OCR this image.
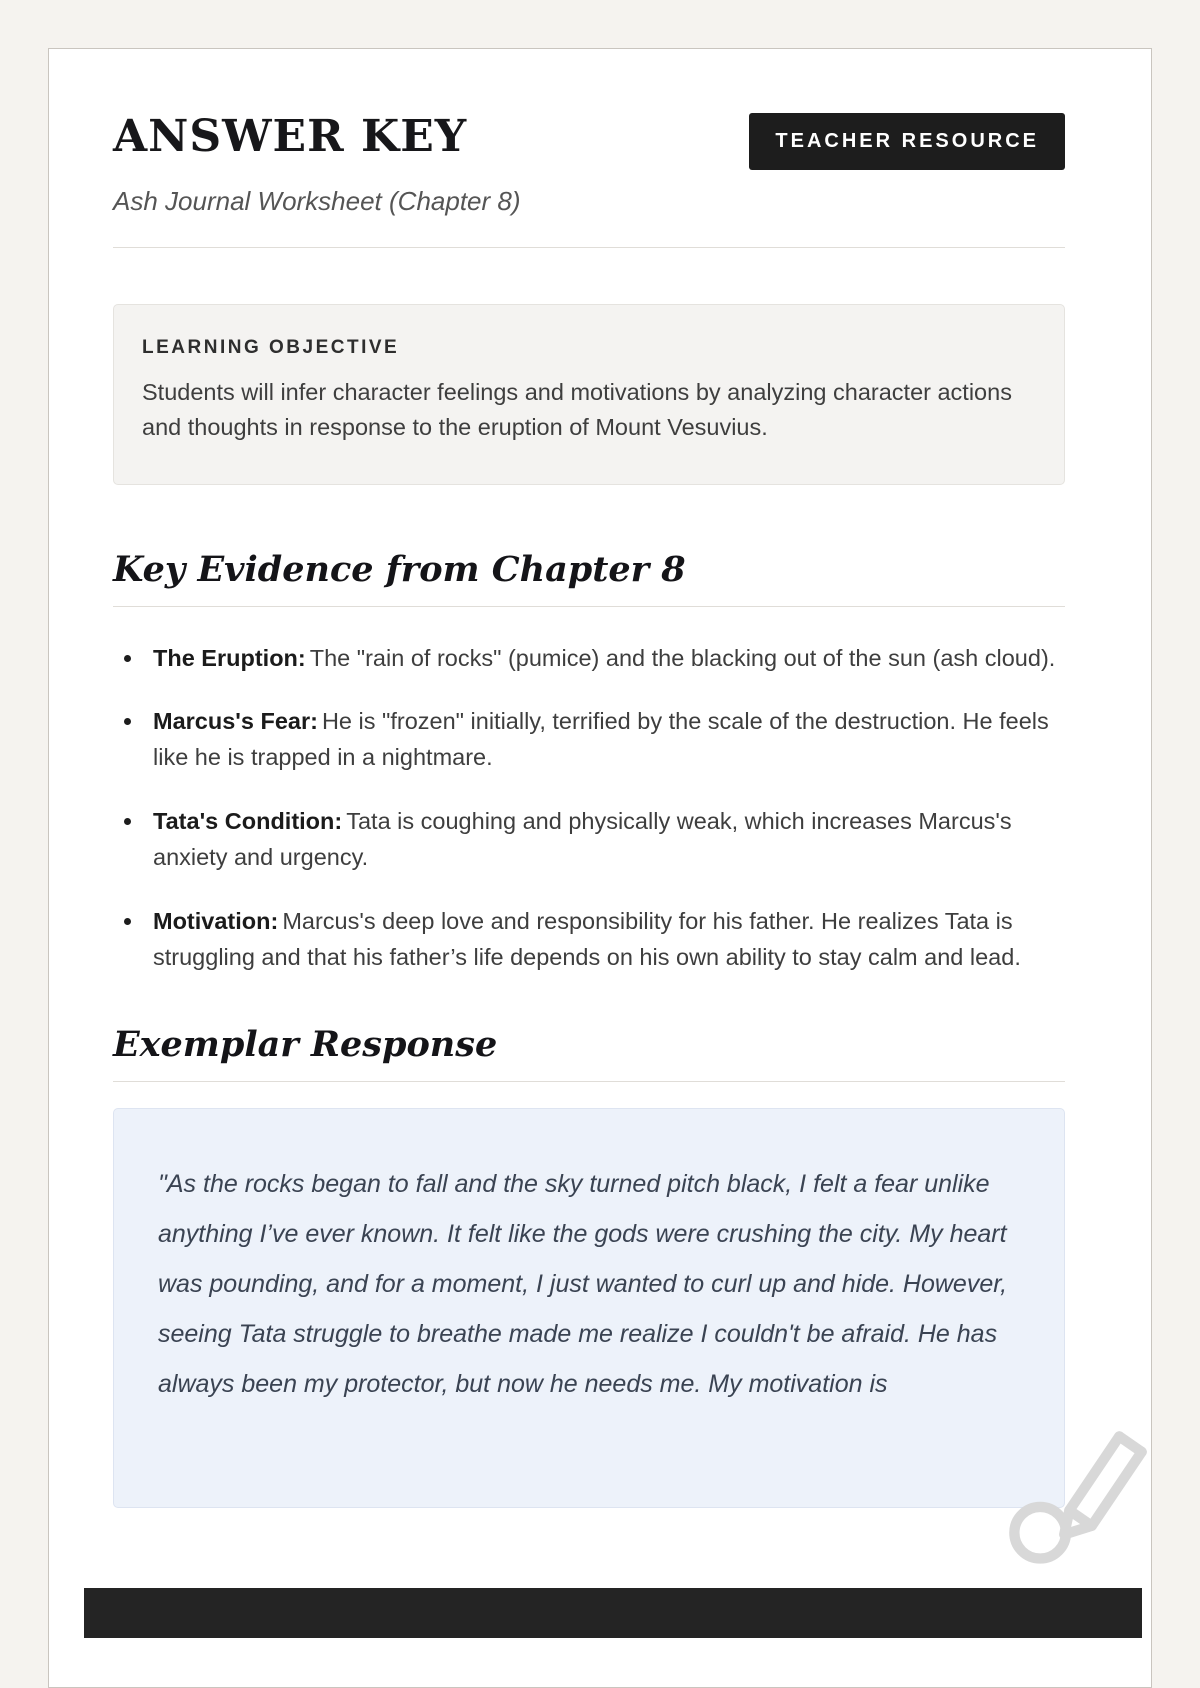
ANSWER KEY	TEACHER RESOURCE
Ash Journal Worksheet (Chapter 8)
LEARNING OBJECTIVE
Students will infer character feelings and motivations by analyzing character actions and thoughts in response to the eruption of Mount Vesuvius.
Key Evidence from Chapter 8
• The Eruption: The "rain of rocks" (pumice) and the blacking out of the sun (ash cloud).
• Marcus's Fear: He is "frozen" initially, terrified by the scale of the destruction. He feels like he is trapped in a nightmare.
• Tata's Condition: Tata is coughing and physically weak, which increases Marcus's anxiety and urgency.
• Motivation: Marcus's deep love and responsibility for his father. He realizes Tata is struggling and that his father’s life depends on his own ability to stay calm and lead.
Exemplar Response
"As the rocks began to fall and the sky turned pitch black, I felt a fear unlike anything I’ve ever known. It felt like the gods were crushing the city. My heart was pounding, and for a moment, I just wanted to curl up and hide. However, seeing Tata struggle to breathe made me realize I couldn't be afraid. He has always been my protector, but now he needs me. My motivation is
